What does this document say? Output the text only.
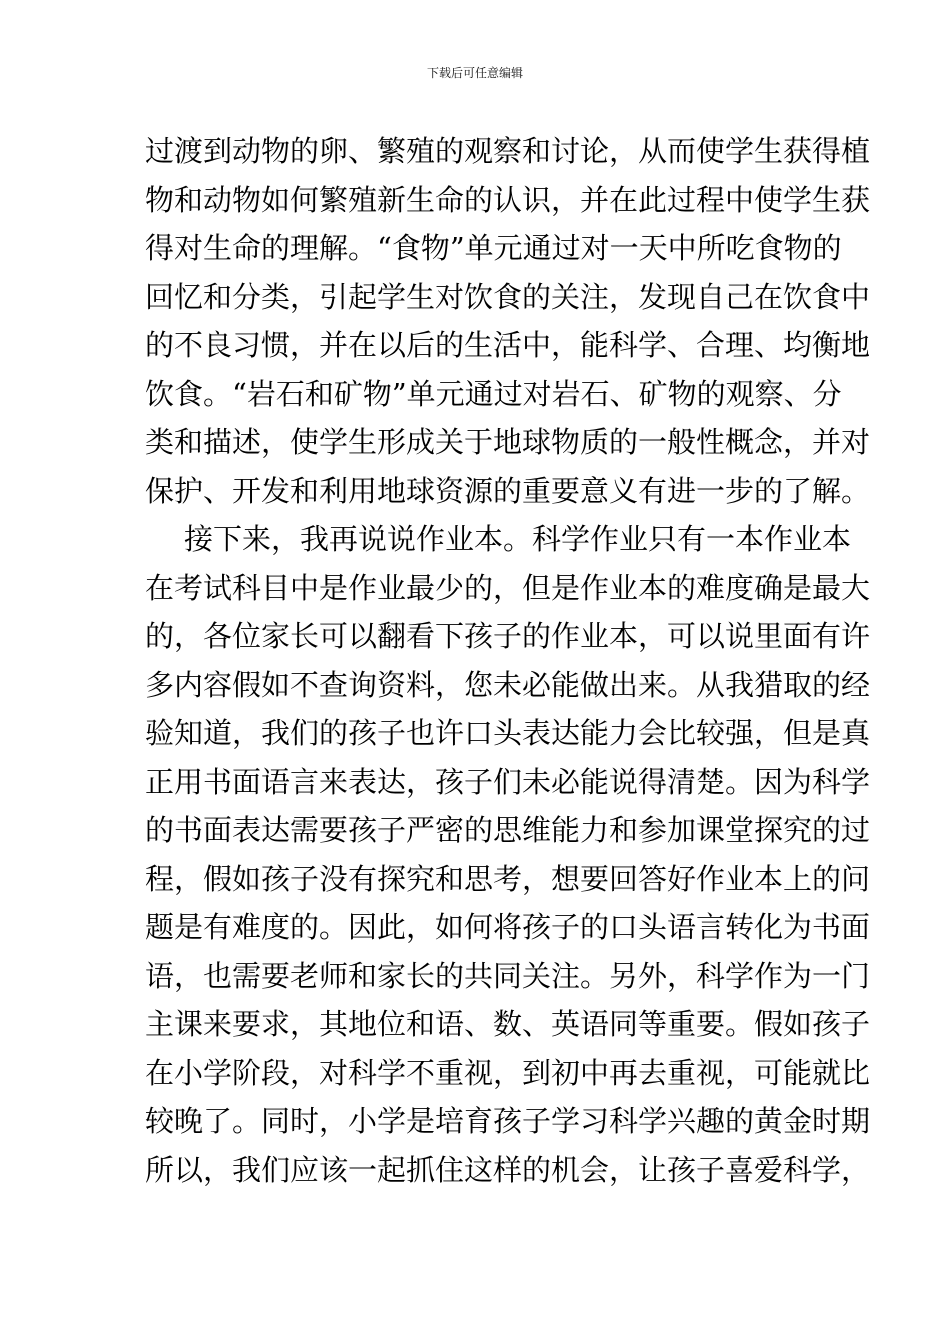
下载后可任意编辑
过渡到动物的卵、繁殖的观察和讨论，从而使学生获得植
物和动物如何繁殖新生命的认识，并在此过程中使学生获
得对生命的理解。“食物”单元通过对一天中所吃食物的
回忆和分类，引起学生对饮食的关注，发现自己在饮食中
的不良习惯，并在以后的生活中，能科学、合理、均衡地
饮食。“岩石和矿物”单元通过对岩石、矿物的观察、分
类和描述，使学生形成关于地球物质的一般性概念，并对
保护、开发和利用地球资源的重要意义有进一步的了解。
接下来，我再说说作业本。科学作业只有一本作业本
在考试科目中是作业最少的，但是作业本的难度确是最大
的，各位家长可以翻看下孩子的作业本，可以说里面有许
多内容假如不查询资料，您未必能做出来。从我猎取的经
验知道，我们的孩子也许口头表达能力会比较强，但是真
正用书面语言来表达，孩子们未必能说得清楚。因为科学
的书面表达需要孩子严密的思维能力和参加课堂探究的过
程，假如孩子没有探究和思考，想要回答好作业本上的问
题是有难度的。因此，如何将孩子的口头语言转化为书面
语，也需要老师和家长的共同关注。另外，科学作为一门
主课来要求，其地位和语、数、英语同等重要。假如孩子
在小学阶段，对科学不重视，到初中再去重视，可能就比
较晚了。同时，小学是培育孩子学习科学兴趣的黄金时期
所以，我们应该一起抓住这样的机会，让孩子喜爱科学，
